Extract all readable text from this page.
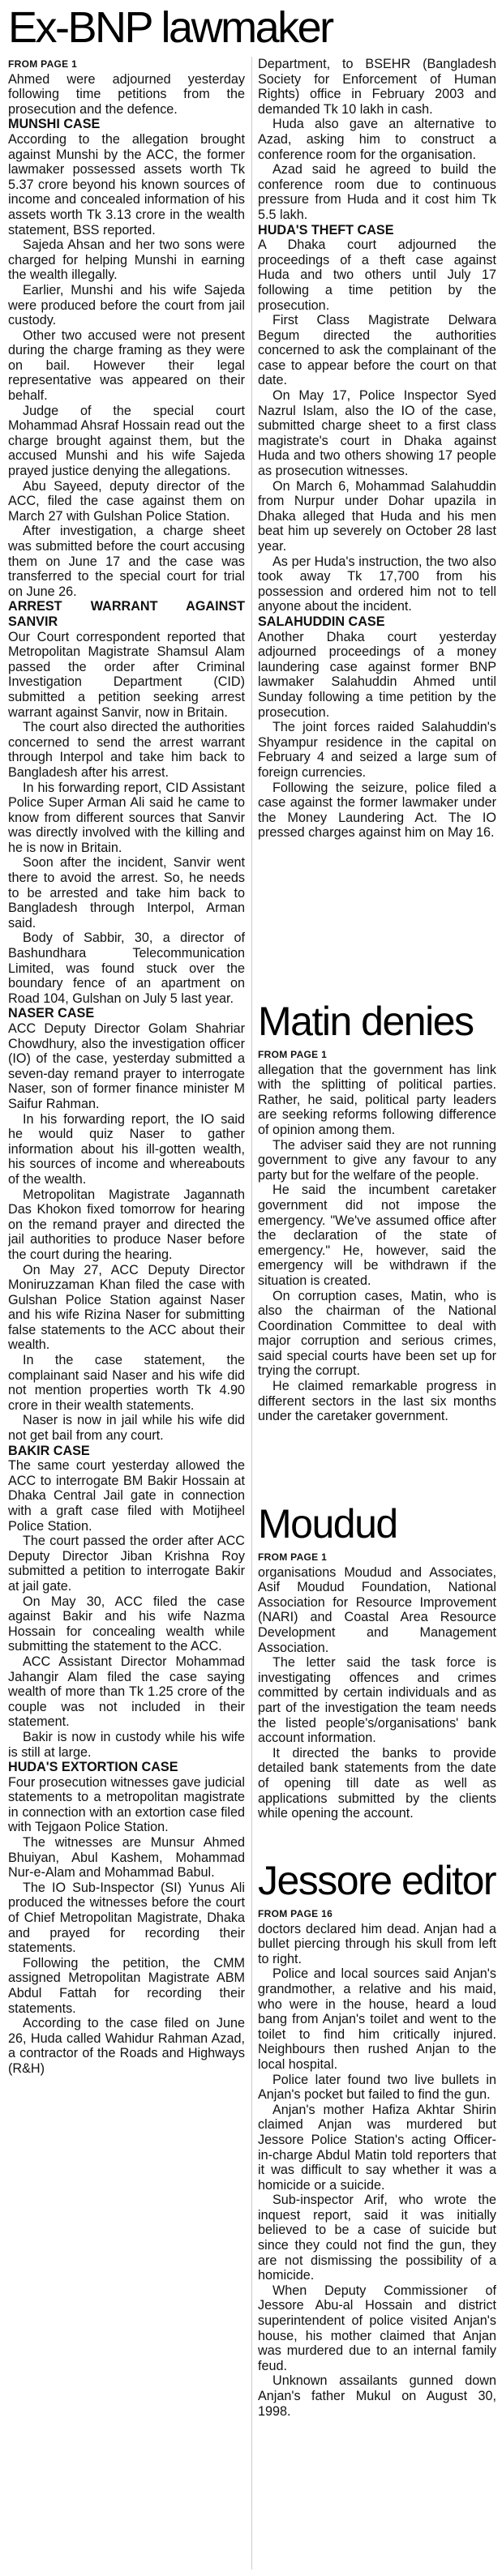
Ex-BNP lawmaker

FROM PAGE 1

Ahmed were adjourned yesterday following time petitions from the prosecution and the defence.

MUNSHI CASE

According to the allegation brought against Munshi by the ACC, the former lawmaker possessed assets worth Tk 5.37 crore beyond his known sources of income and concealed information of his assets worth Tk 3.13 crore in the wealth statement, BSS reported.

Sajeda Ahsan and her two sons were charged for helping Munshi in earning the wealth illegally.

Earlier, Munshi and his wife Sajeda were produced before the court from jail custody.

Other two accused were not present during the charge framing as they were on bail. However their legal representative was appeared on their behalf.

Judge of the special court Mohammad Ahsraf Hossain read out the charge brought against them, but the accused Munshi and his wife Sajeda prayed justice denying the allegations.

Abu Sayeed, deputy director of the ACC, filed the case against them on March 27 with Gulshan Police Station.

After investigation, a charge sheet was submitted before the court accusing them on June 17 and the case was transferred to the special court for trial on June 26.

ARREST WARRANT AGAINST SANVIR

Our Court correspondent reported that Metropolitan Magistrate Shamsul Alam passed the order after Criminal Investigation Department (CID) submitted a petition seeking arrest warrant against Sanvir, now in Britain.

The court also directed the authorities concerned to send the arrest warrant through Interpol and take him back to Bangladesh after his arrest.

In his forwarding report, CID Assistant Police Super Arman Ali said he came to know from different sources that Sanvir was directly involved with the killing and he is now in Britain.

Soon after the incident, Sanvir went there to avoid the arrest. So, he needs to be arrested and take him back to Bangladesh through Interpol, Arman said.

Body of Sabbir, 30, a director of Bashundhara Telecommunication Limited, was found stuck over the boundary fence of an apartment on Road 104, Gulshan on July 5 last year.

NASER CASE

ACC Deputy Director Golam Shahriar Chowdhury, also the investigation officer (IO) of the case, yesterday submitted a seven-day remand prayer to interrogate Naser, son of former finance minister M Saifur Rahman.

In his forwarding report, the IO said he would quiz Naser to gather information about his ill-gotten wealth, his sources of income and whereabouts of the wealth.

Metropolitan Magistrate Jagannath Das Khokon fixed tomorrow for hearing on the remand prayer and directed the jail authorities to produce Naser before the court during the hearing.

On May 27, ACC Deputy Director Moniruzzaman Khan filed the case with Gulshan Police Station against Naser and his wife Rizina Naser for submitting false statements to the ACC about their wealth.

In the case statement, the complainant said Naser and his wife did not mention properties worth Tk 4.90 crore in their wealth statements.

Naser is now in jail while his wife did not get bail from any court.

BAKIR CASE

The same court yesterday allowed the ACC to interrogate BM Bakir Hossain at Dhaka Central Jail gate in connection with a graft case filed with Motijheel Police Station.

The court passed the order after ACC Deputy Director Jiban Krishna Roy submitted a petition to interrogate Bakir at jail gate.

On May 30, ACC filed the case against Bakir and his wife Nazma Hossain for concealing wealth while submitting the statement to the ACC.

ACC Assistant Director Mohammad Jahangir Alam filed the case saying wealth of more than Tk 1.25 crore of the couple was not included in their statement.

Bakir is now in custody while his wife is still at large.

HUDA'S EXTORTION CASE

Four prosecution witnesses gave judicial statements to a metropolitan magistrate in connection with an extortion case filed with Tejgaon Police Station.

The witnesses are Munsur Ahmed Bhuiyan, Abul Kashem, Mohammad Nur-e-Alam and Mohammad Babul.

The IO Sub-Inspector (SI) Yunus Ali produced the witnesses before the court of Chief Metropolitan Magistrate, Dhaka and prayed for recording their statements.

Following the petition, the CMM assigned Metropolitan Magistrate ABM Abdul Fattah for recording their statements.

According to the case filed on June 26, Huda called Wahidur Rahman Azad, a contractor of the Roads and Highways (R&H)

Department, to BSEHR (Bangladesh Society for Enforcement of Human Rights) office in February 2003 and demanded Tk 10 lakh in cash.

Huda also gave an alternative to Azad, asking him to construct a conference room for the organisation.

Azad said he agreed to build the conference room due to continuous pressure from Huda and it cost him Tk 5.5 lakh.

HUDA'S THEFT CASE

A Dhaka court adjourned the proceedings of a theft case against Huda and two others until July 17 following a time petition by the prosecution.

First Class Magistrate Delwara Begum directed the authorities concerned to ask the complainant of the case to appear before the court on that date.

On May 17, Police Inspector Syed Nazrul Islam, also the IO of the case, submitted charge sheet to a first class magistrate's court in Dhaka against Huda and two others showing 17 people as prosecution witnesses.

On March 6, Mohammad Salahuddin from Nurpur under Dohar upazila in Dhaka alleged that Huda and his men beat him up severely on October 28 last year.

As per Huda's instruction, the two also took away Tk 17,700 from his possession and ordered him not to tell anyone about the incident.

SALAHUDDIN CASE

Another Dhaka court yesterday adjourned proceedings of a money laundering case against former BNP lawmaker Salahuddin Ahmed until Sunday following a time petition by the prosecution.

The joint forces raided Salahuddin's Shyampur residence in the capital on February 4 and seized a large sum of foreign currencies.

Following the seizure, police filed a case against the former lawmaker under the Money Laundering Act. The IO pressed charges against him on May 16.

Matin denies

FROM PAGE 1

allegation that the government has link with the splitting of political parties. Rather, he said, political party leaders are seeking reforms following difference of opinion among them.

The adviser said they are not running government to give any favour to any party but for the welfare of the people.

He said the incumbent caretaker government did not impose the emergency. "We've assumed office after the declaration of the state of emergency." He, however, said the emergency will be withdrawn if the situation is created.

On corruption cases, Matin, who is also the chairman of the National Coordination Committee to deal with major corruption and serious crimes, said special courts have been set up for trying the corrupt.

He claimed remarkable progress in different sectors in the last six months under the caretaker government.

Moudud

FROM PAGE 1

organisations Moudud and Associates, Asif Moudud Foundation, National Association for Resource Improvement (NARI) and Coastal Area Resource Development and Management Association.

The letter said the task force is investigating offences and crimes committed by certain individuals and as part of the investigation the team needs the listed people's/organisations' bank account information.

It directed the banks to provide detailed bank statements from the date of opening till date as well as applications submitted by the clients while opening the account.

Jessore editor

FROM PAGE 16

doctors declared him dead. Anjan had a bullet piercing through his skull from left to right.

Police and local sources said Anjan's grandmother, a relative and his maid, who were in the house, heard a loud bang from Anjan's toilet and went to the toilet to find him critically injured. Neighbours then rushed Anjan to the local hospital.

Police later found two live bullets in Anjan's pocket but failed to find the gun.

Anjan's mother Hafiza Akhtar Shirin claimed Anjan was murdered but Jessore Police Station's acting Officer-in-charge Abdul Matin told reporters that it was difficult to say whether it was a homicide or a suicide.

Sub-inspector Arif, who wrote the inquest report, said it was initially believed to be a case of suicide but since they could not find the gun, they are not dismissing the possibility of a homicide.

When Deputy Commissioner of Jessore Abu-al Hossain and district superintendent of police visited Anjan's house, his mother claimed that Anjan was murdered due to an internal family feud.

Unknown assailants gunned down Anjan's father Mukul on August 30, 1998.
